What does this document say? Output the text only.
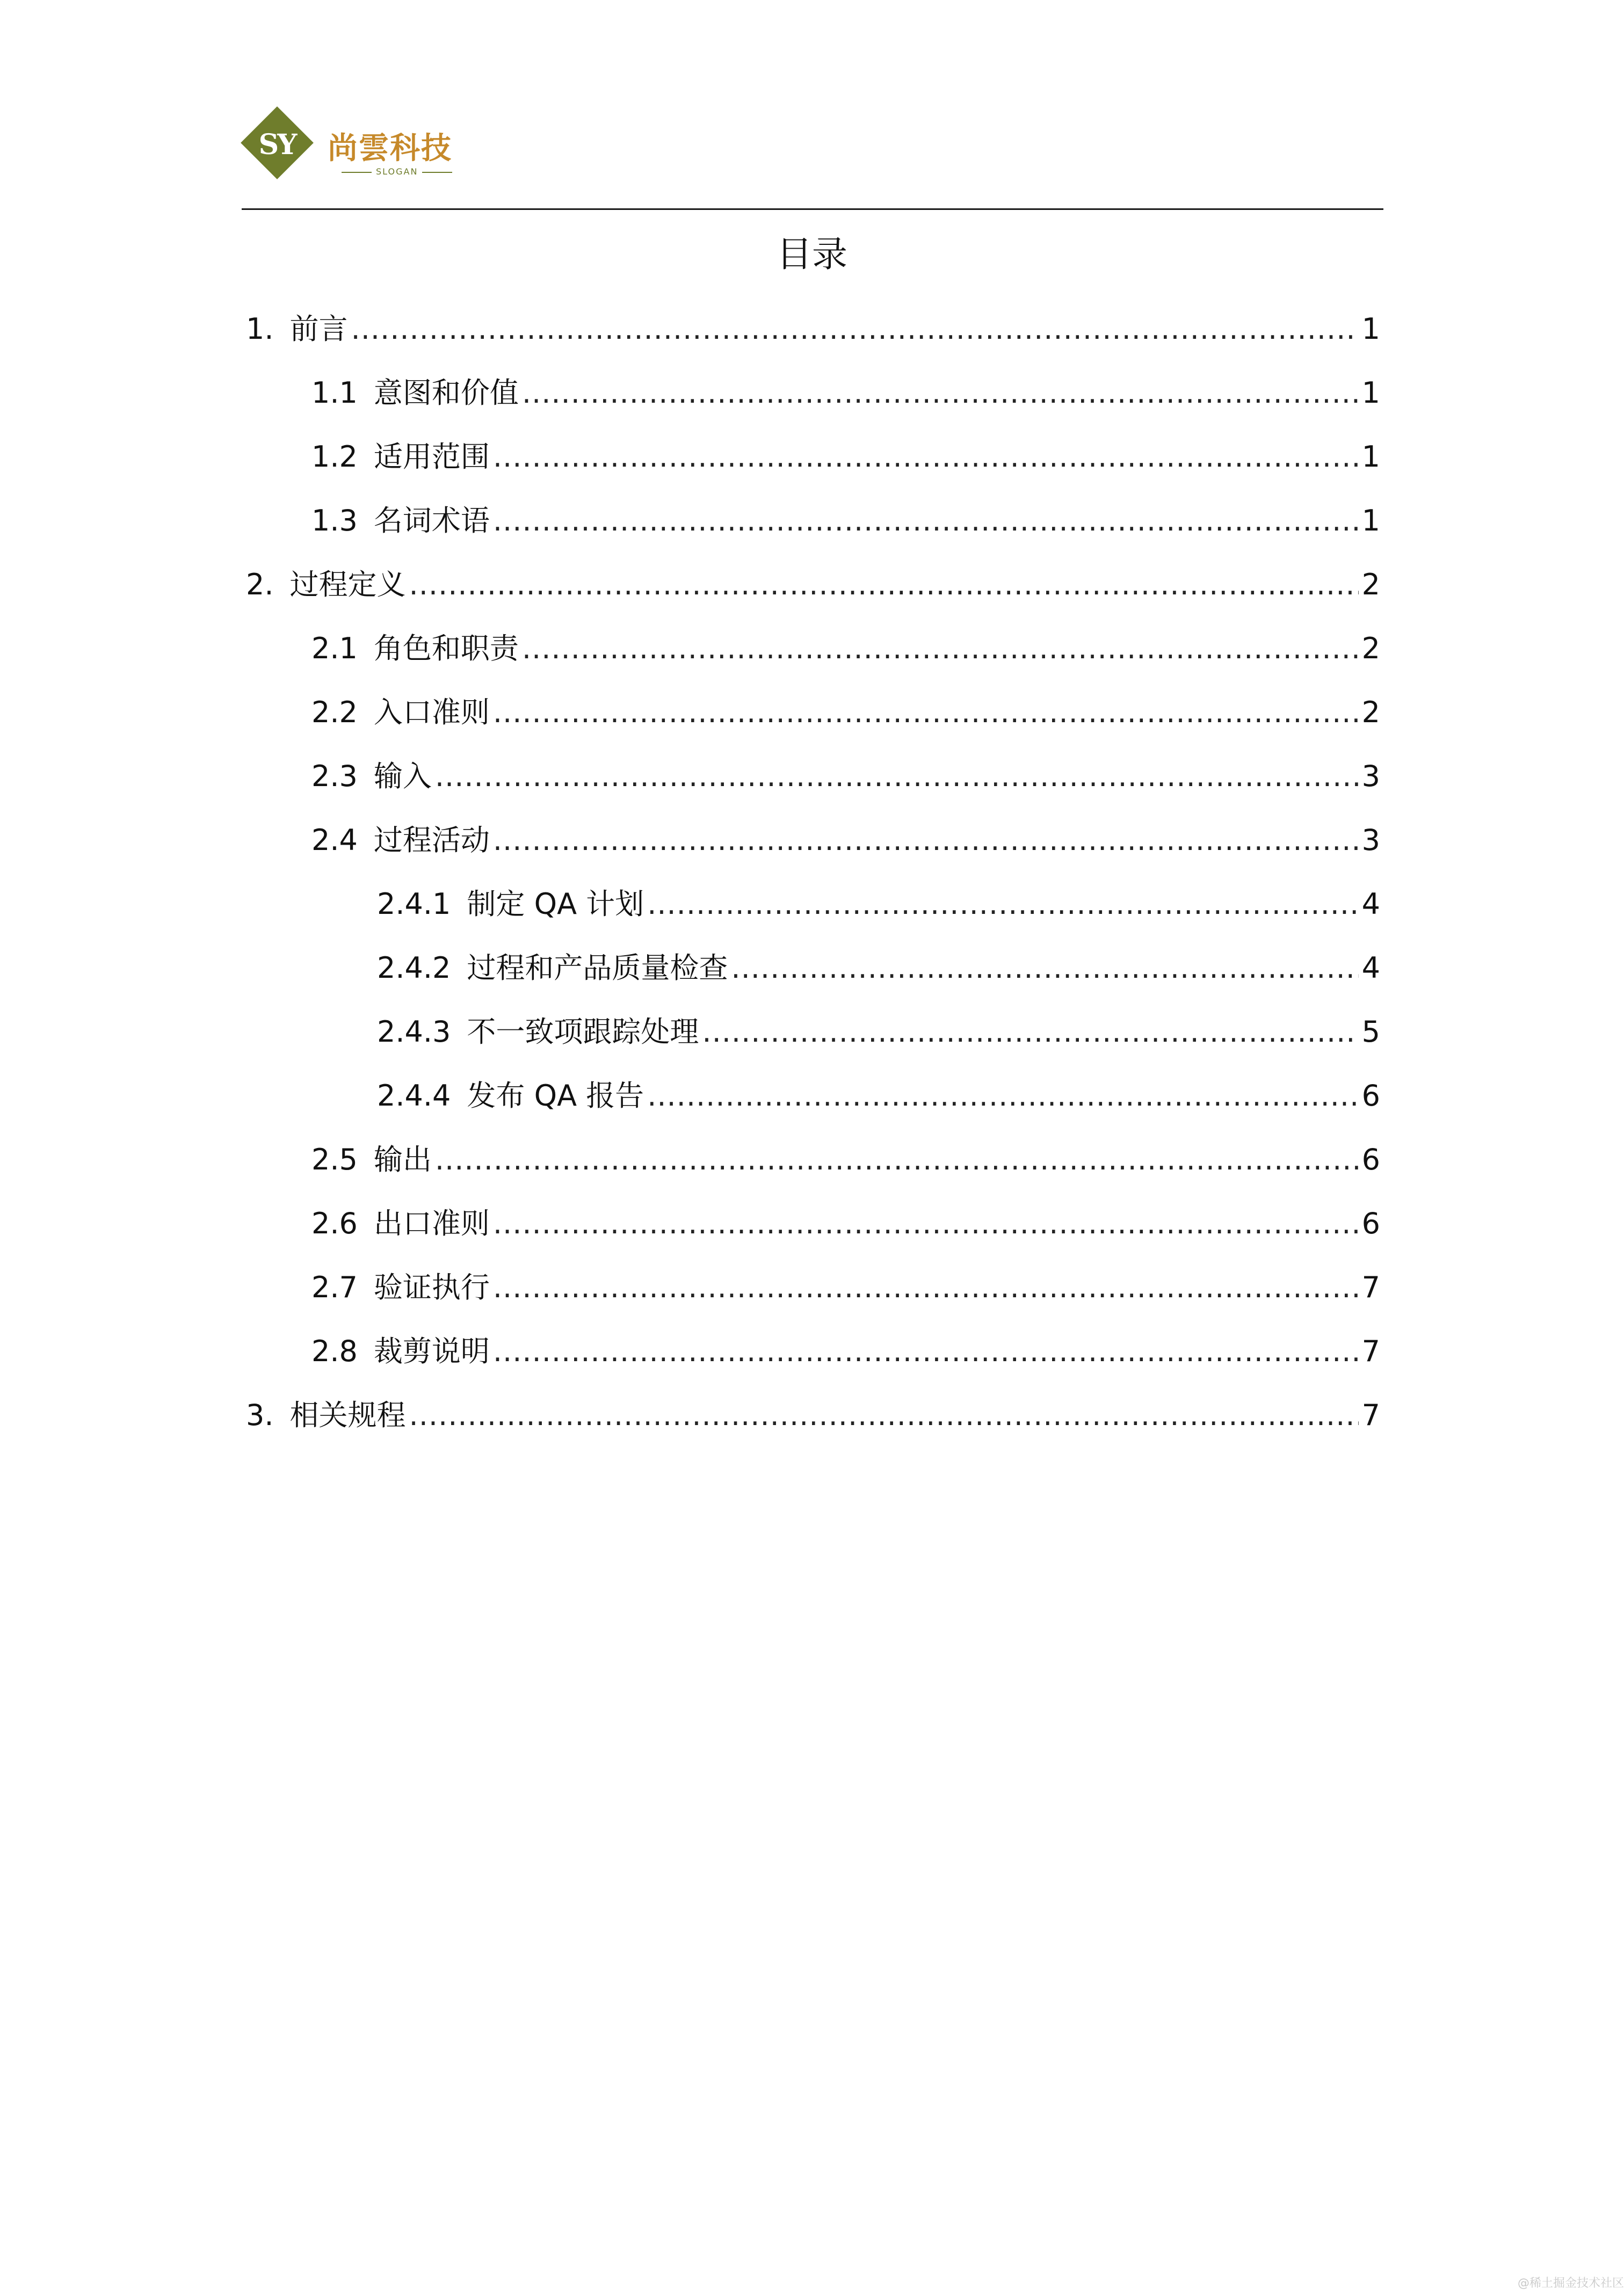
SY 尚雲科技
SLOGAN
目录
1. 前言 .....	1
1.1 意图和价值 .....	1
1.2 适用范围 .....	1
1.3 名词术语 .....	1
2. 过程定义 .....	2
2.1 角色和职责 .....	2
2.2 入口准则 .....	2
2.3 输入 .....	3
2.4 过程活动 .....	3
2.4.1 制定 QA 计划 .....	4
2.4.2 过程和产品质量检查 .....	4
2.4.3 不一致项跟踪处理 .....	5
2.4.4 发布 QA 报告 .....	6
2.5 输出 .....	6
2.6 出口准则 .....	6
2.7 验证执行 .....	7
2.8 裁剪说明 .....	7
3. 相关规程 .....	7
@稀土掘金技术社区
